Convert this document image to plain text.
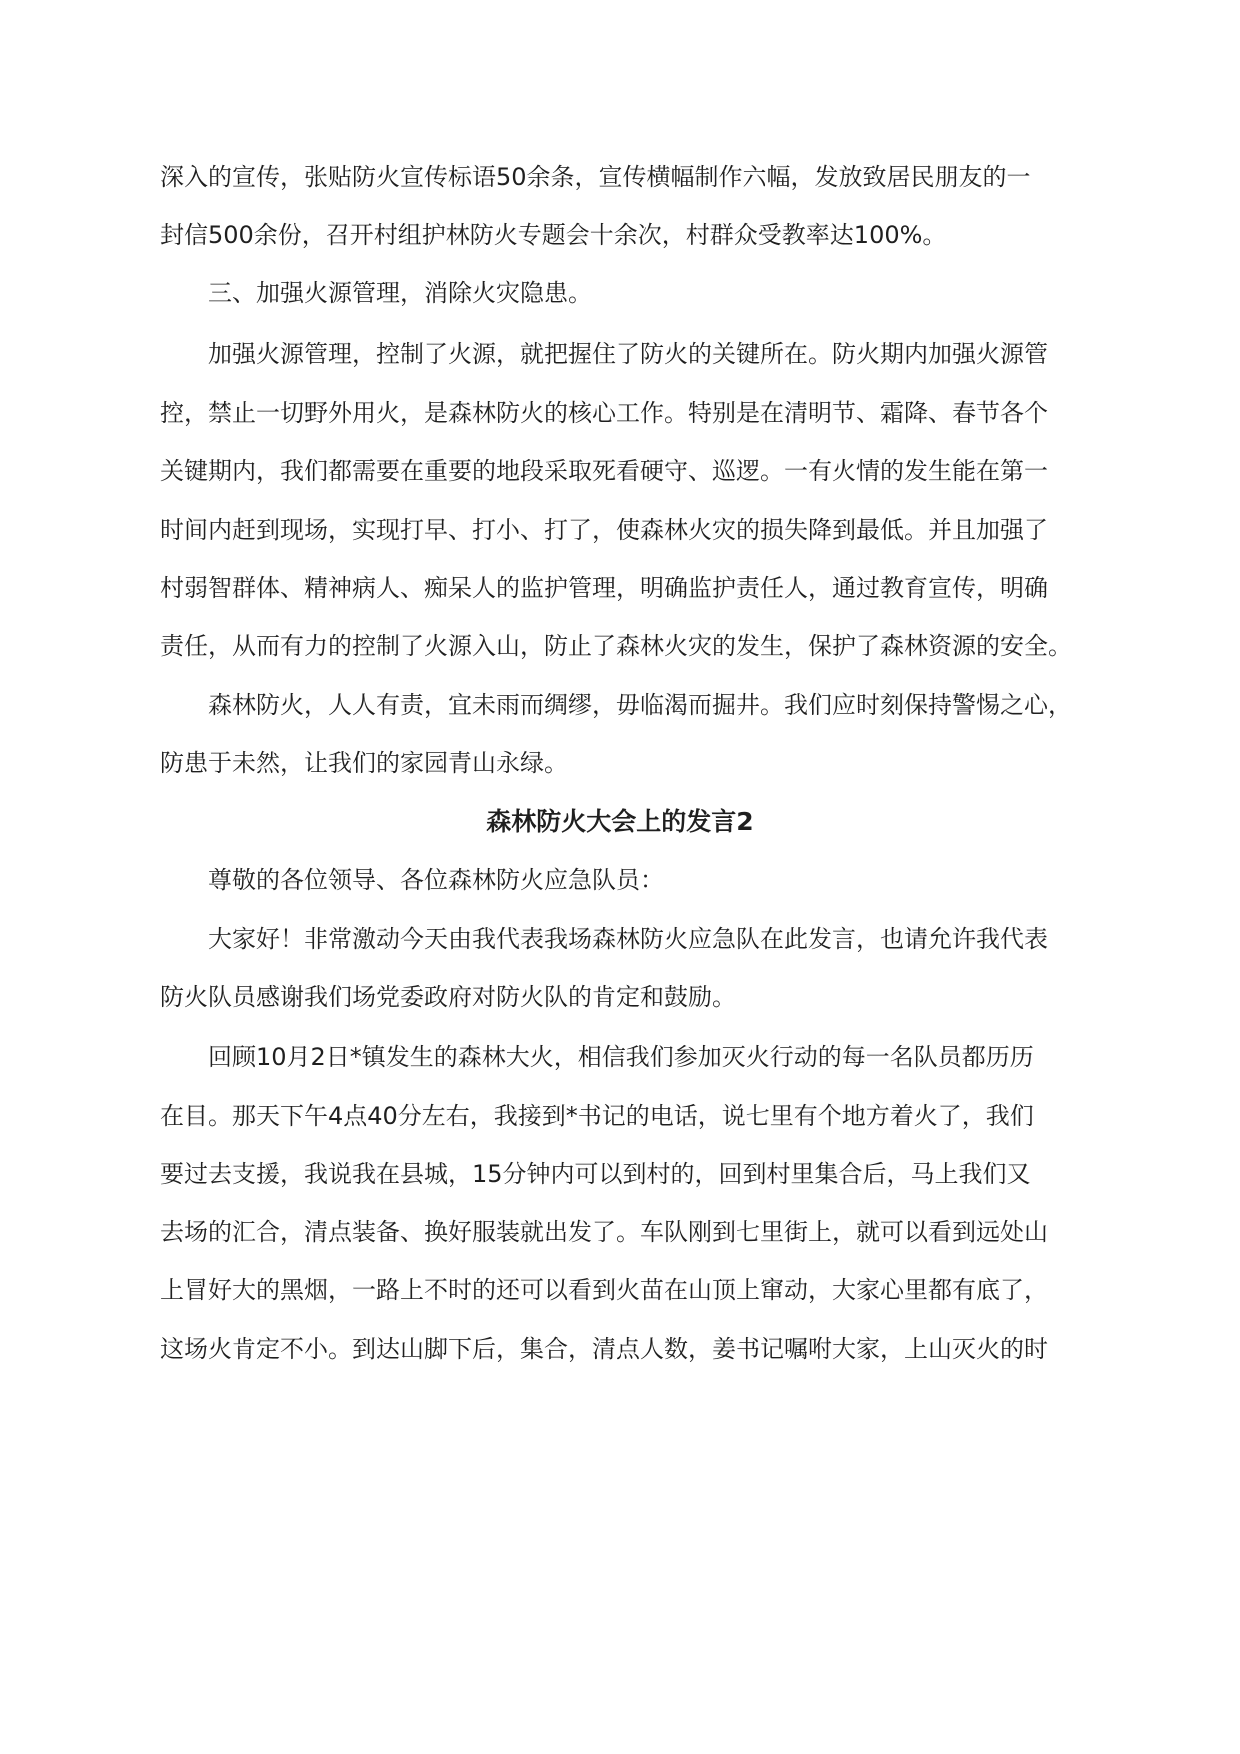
深入的宣传，张贴防火宣传标语50余条，宣传横幅制作六幅，发放致居民朋友的一
封信500余份，召开村组护林防火专题会十余次，村群众受教率达100%。
三、加强火源管理，消除火灾隐患。
加强火源管理，控制了火源，就把握住了防火的关键所在。防火期内加强火源管
控，禁止一切野外用火，是森林防火的核心工作。特别是在清明节、霜降、春节各个
关键期内，我们都需要在重要的地段采取死看硬守、巡逻。一有火情的发生能在第一
时间内赶到现场，实现打早、打小、打了，使森林火灾的损失降到最低。并且加强了
村弱智群体、精神病人、痴呆人的监护管理，明确监护责任人，通过教育宣传，明确
责任，从而有力的控制了火源入山，防止了森林火灾的发生，保护了森林资源的安全。
森林防火，人人有责，宜未雨而绸缪，毋临渴而掘井。我们应时刻保持警惕之心，
防患于未然，让我们的家园青山永绿。
森林防火大会上的发言2
尊敬的各位领导、各位森林防火应急队员：
大家好！非常激动今天由我代表我场森林防火应急队在此发言，也请允许我代表
防火队员感谢我们场党委政府对防火队的肯定和鼓励。
回顾10月2日*镇发生的森林大火，相信我们参加灭火行动的每一名队员都历历
在目。那天下午4点40分左右，我接到*书记的电话，说七里有个地方着火了，我们
要过去支援，我说我在县城，15分钟内可以到村的，回到村里集合后，马上我们又
去场的汇合，清点装备、换好服装就出发了。车队刚到七里街上，就可以看到远处山
上冒好大的黑烟，一路上不时的还可以看到火苗在山顶上窜动，大家心里都有底了，
这场火肯定不小。到达山脚下后，集合，清点人数，姜书记嘱咐大家，上山灭火的时
